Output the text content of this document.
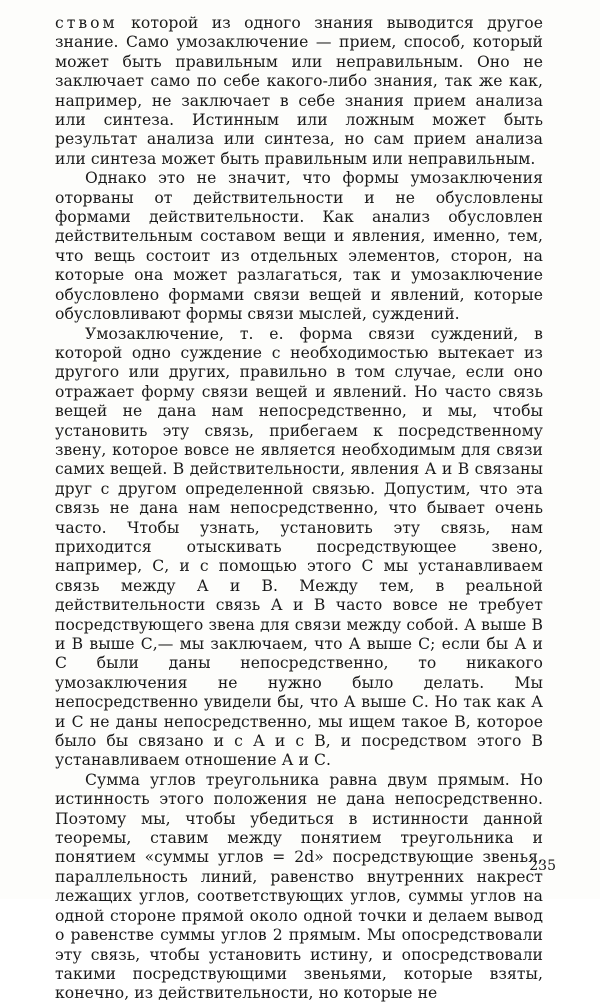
ством которой из одного знания выводится другое знание. Само умозаключение — прием, способ, который может быть правильным или неправильным. Оно не заключает само по себе какого-либо знания, так же как, например, не заключает в себе знания прием анализа или синтеза. Истинным или ложным может быть результат анализа или синтеза, но сам прием анализа или синтеза может быть правильным или неправильным.

Однако это не значит, что формы умозаключения оторваны от действительности и не обусловлены формами действительности. Как анализ обусловлен действительным составом вещи и явления, именно, тем, что вещь состоит из отдельных элементов, сторон, на которые она может разлагаться, так и умозаключение обусловлено формами связи вещей и явлений, которые обусловливают формы связи мыслей, суждений.

Умозаключение, т. е. форма связи суждений, в которой одно суждение с необходимостью вытекает из другого или других, правильно в том случае, если оно отражает форму связи вещей и явлений. Но часто связь вещей не дана нам непосредственно, и мы, чтобы установить эту связь, прибегаем к посредственному звену, которое вовсе не является необходимым для связи самих вещей. В действительности, явления А и В связаны друг с другом определенной связью. Допустим, что эта связь не дана нам непосредственно, что бывает очень часто. Чтобы узнать, установить эту связь, нам приходится отыскивать посредствующее звено, например, С, и с помощью этого С мы устанавливаем связь между А и В. Между тем, в реальной действительности связь А и В часто вовсе не требует посредствующего звена для связи между собой. А выше В и В выше С,— мы заключаем, что А выше С; если бы А и С были даны непосредственно, то никакого умозаключения не нужно было делать. Мы непосредственно увидели бы, что А выше С. Но так как А и С не даны непосредственно, мы ищем такое В, которое было бы связано и с А и с В, и посредством этого В устанавливаем отношение А и С.

Сумма углов треугольника равна двум прямым. Но истинность этого положения не дана непосредственно. Поэтому мы, чтобы убедиться в истинности данной теоремы, ставим между понятием треугольника и понятием «суммы углов = 2d» посредствующие звенья, параллельность линий, равенство внутренних накрест лежащих углов, соответствующих углов, суммы углов на одной стороне прямой около одной точки и делаем вывод о равенстве суммы углов 2 прямым. Мы опосредствовали эту связь, чтобы установить истину, и опосредствовали такими посредствующими звеньями, которые взяты, конечно, из действительности, но которые не

235
